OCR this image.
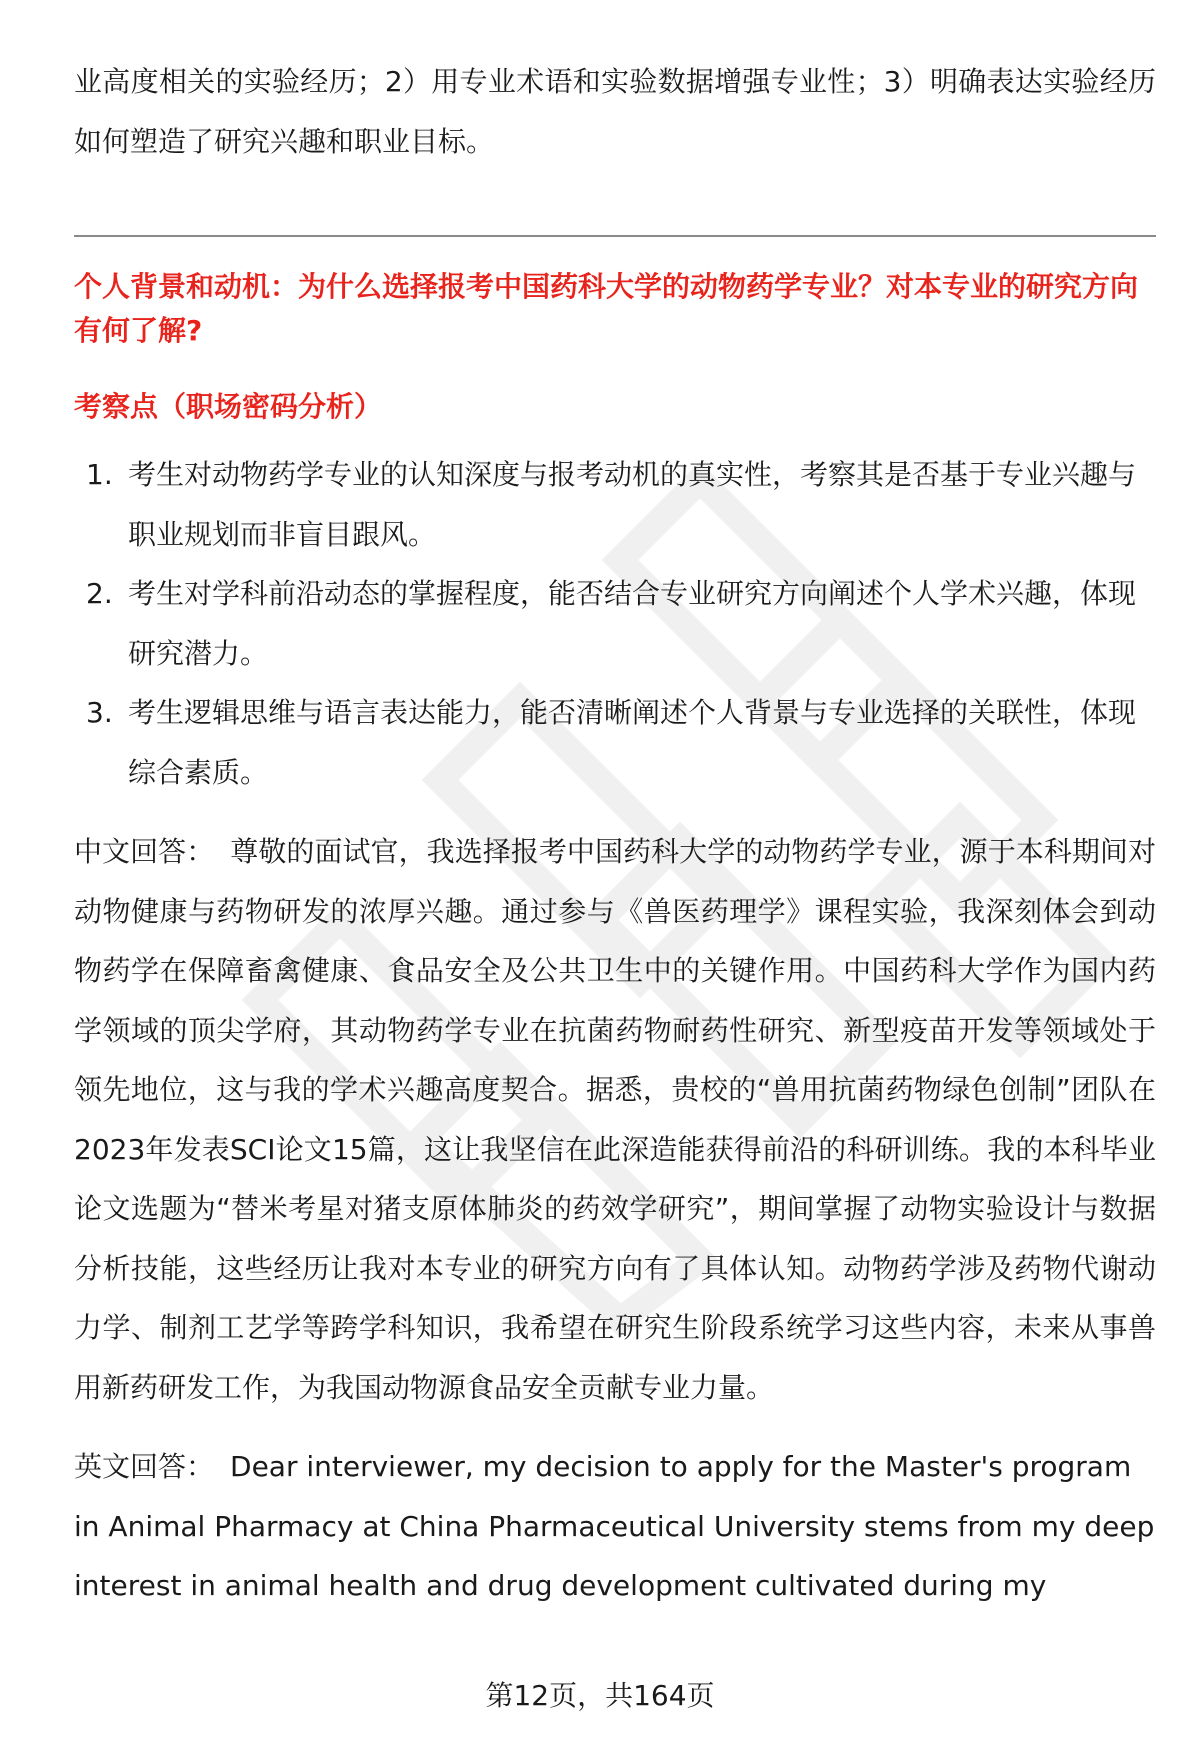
业高度相关的实验经历；2）用专业术语和实验数据增强专业性；3）明确表达实验经历如何塑造了研究兴趣和职业目标。

个人背景和动机：为什么选择报考中国药科大学的动物药学专业？对本专业的研究方向有何了解?

考察点（职场密码分析）

1. 考生对动物药学专业的认知深度与报考动机的真实性，考察其是否基于专业兴趣与职业规划而非盲目跟风。
2. 考生对学科前沿动态的掌握程度，能否结合专业研究方向阐述个人学术兴趣，体现研究潜力。
3. 考生逻辑思维与语言表达能力，能否清晰阐述个人背景与专业选择的关联性，体现综合素质。

中文回答： 尊敬的面试官，我选择报考中国药科大学的动物药学专业，源于本科期间对动物健康与药物研发的浓厚兴趣。通过参与《兽医药理学》课程实验，我深刻体会到动物药学在保障畜禽健康、食品安全及公共卫生中的关键作用。中国药科大学作为国内药学领域的顶尖学府，其动物药学专业在抗菌药物耐药性研究、新型疫苗开发等领域处于领先地位，这与我的学术兴趣高度契合。据悉，贵校的“兽用抗菌药物绿色创制”团队在2023年发表SCI论文15篇，这让我坚信在此深造能获得前沿的科研训练。我的本科毕业论文选题为“替米考星对猪支原体肺炎的药效学研究”，期间掌握了动物实验设计与数据分析技能，这些经历让我对本专业的研究方向有了具体认知。动物药学涉及药物代谢动力学、制剂工艺学等跨学科知识，我希望在研究生阶段系统学习这些内容，未来从事兽用新药研发工作，为我国动物源食品安全贡献专业力量。

英文回答： Dear interviewer, my decision to apply for the Master's program in Animal Pharmacy at China Pharmaceutical University stems from my deep interest in animal health and drug development cultivated during my

第12页，共164页
